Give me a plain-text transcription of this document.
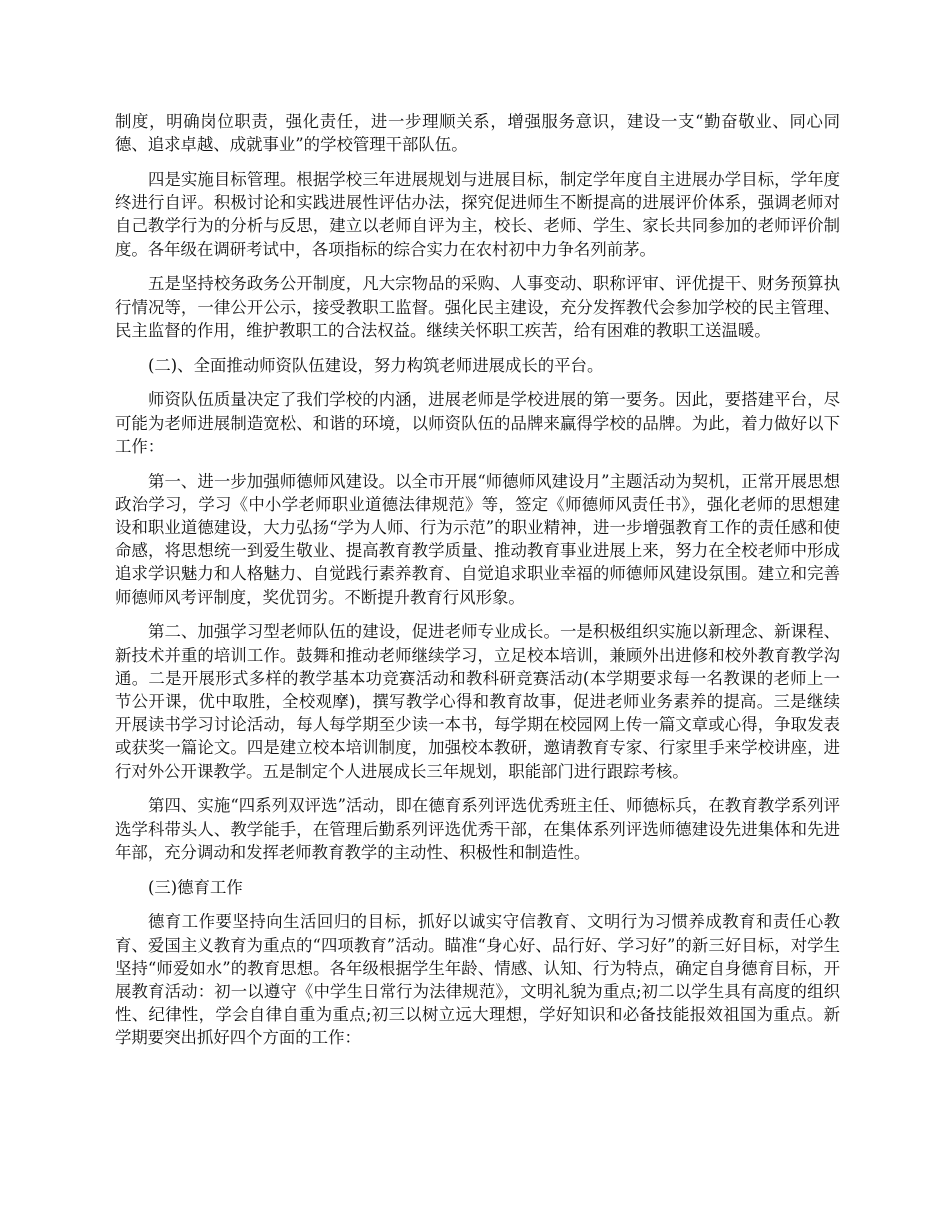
制度，明确岗位职责，强化责任，进一步理顺关系，增强服务意识，建设一支“勤奋敬业、同心同德、追求卓越、成就事业”的学校管理干部队伍。

四是实施目标管理。根据学校三年进展规划与进展目标，制定学年度自主进展办学目标，学年度终进行自评。积极讨论和实践进展性评估办法，探究促进师生不断提高的进展评价体系，强调老师对自己教学行为的分析与反思，建立以老师自评为主，校长、老师、学生、家长共同参加的老师评价制度。各年级在调研考试中，各项指标的综合实力在农村初中力争名列前茅。

五是坚持校务政务公开制度，凡大宗物品的采购、人事变动、职称评审、评优提干、财务预算执行情况等，一律公开公示，接受教职工监督。强化民主建设，充分发挥教代会参加学校的民主管理、民主监督的作用，维护教职工的合法权益。继续关怀职工疾苦，给有困难的教职工送温暖。

(二)、全面推动师资队伍建设，努力构筑老师进展成长的平台。

师资队伍质量决定了我们学校的内涵，进展老师是学校进展的第一要务。因此，要搭建平台，尽可能为老师进展制造宽松、和谐的环境，以师资队伍的品牌来赢得学校的品牌。为此，着力做好以下工作：

第一、进一步加强师德师风建设。以全市开展“师德师风建设月”主题活动为契机，正常开展思想政治学习，学习《中小学老师职业道德法律规范》等，签定《师德师风责任书》，强化老师的思想建设和职业道德建设，大力弘扬“学为人师、行为示范”的职业精神，进一步增强教育工作的责任感和使命感，将思想统一到爱生敬业、提高教育教学质量、推动教育事业进展上来，努力在全校老师中形成追求学识魅力和人格魅力、自觉践行素养教育、自觉追求职业幸福的师德师风建设氛围。建立和完善师德师风考评制度，奖优罚劣。不断提升教育行风形象。

第二、加强学习型老师队伍的建设，促进老师专业成长。一是积极组织实施以新理念、新课程、新技术并重的培训工作。鼓舞和推动老师继续学习，立足校本培训，兼顾外出进修和校外教育教学沟通。二是开展形式多样的教学基本功竞赛活动和教科研竞赛活动(本学期要求每一名教课的老师上一节公开课，优中取胜，全校观摩)，撰写教学心得和教育故事，促进老师业务素养的提高。三是继续开展读书学习讨论活动，每人每学期至少读一本书，每学期在校园网上传一篇文章或心得，争取发表或获奖一篇论文。四是建立校本培训制度，加强校本教研，邀请教育专家、行家里手来学校讲座，进行对外公开课教学。五是制定个人进展成长三年规划，职能部门进行跟踪考核。

第四、实施“四系列双评选”活动，即在德育系列评选优秀班主任、师德标兵，在教育教学系列评选学科带头人、教学能手，在管理后勤系列评选优秀干部，在集体系列评选师德建设先进集体和先进年部，充分调动和发挥老师教育教学的主动性、积极性和制造性。

(三)德育工作

德育工作要坚持向生活回归的目标，抓好以诚实守信教育、文明行为习惯养成教育和责任心教育、爱国主义教育为重点的“四项教育”活动。瞄准“身心好、品行好、学习好”的新三好目标，对学生坚持“师爱如水”的教育思想。各年级根据学生年龄、情感、认知、行为特点，确定自身德育目标，开展教育活动：初一以遵守《中学生日常行为法律规范》，文明礼貌为重点;初二以学生具有高度的组织性、纪律性，学会自律自重为重点;初三以树立远大理想，学好知识和必备技能报效祖国为重点。新学期要突出抓好四个方面的工作：
